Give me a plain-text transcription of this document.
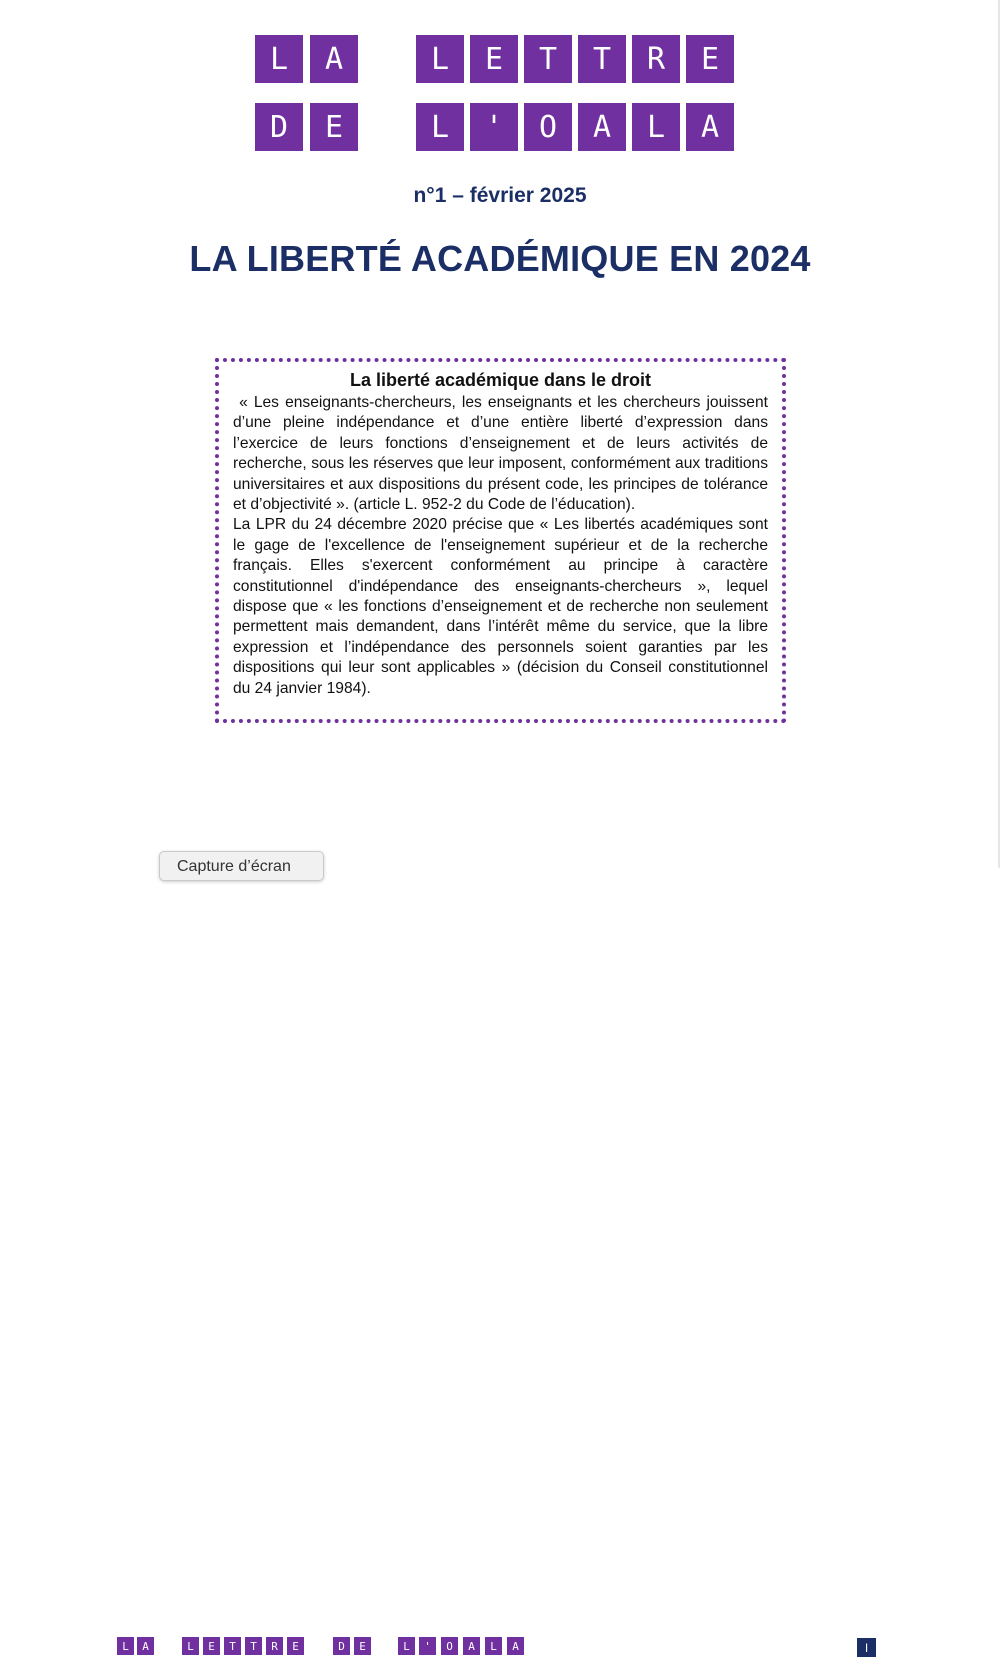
L	A	L	E	T	T	R	E
D	E	L	'	O	A	L	A
n°1 – février 2025
LA LIBERTÉ ACADÉMIQUE EN 2024
La liberté académique dans le droit

« Les enseignants-chercheurs, les enseignants et les chercheurs jouissent d’une pleine indépendance et d’une entière liberté d’expression dans l’exercice de leurs fonctions d’enseignement et de leurs activités de recherche, sous les réserves que leur imposent, conformément aux traditions universitaires et aux dispositions du présent code, les principes de tolérance et d’objectivité ». (article L. 952-2 du Code de l’éducation).

La LPR du 24 décembre 2020 précise que « Les libertés académiques sont le gage de l'excellence de l'enseignement supérieur et de la recherche français. Elles s'exercent conformément au principe à caractère constitutionnel d'indépendance des enseignants-chercheurs », lequel dispose que « les fonctions d’enseignement et de recherche non seulement permettent mais demandent, dans l’intérêt même du service, que la libre expression et l’indépendance des personnels soient garanties par les dispositions qui leur sont applicables » (décision du Conseil constitutionnel du 24 janvier 1984).

L	A	L	E	T	T	R	E	D	E	L	'	O	A	L	A	I
Capture d’écran
